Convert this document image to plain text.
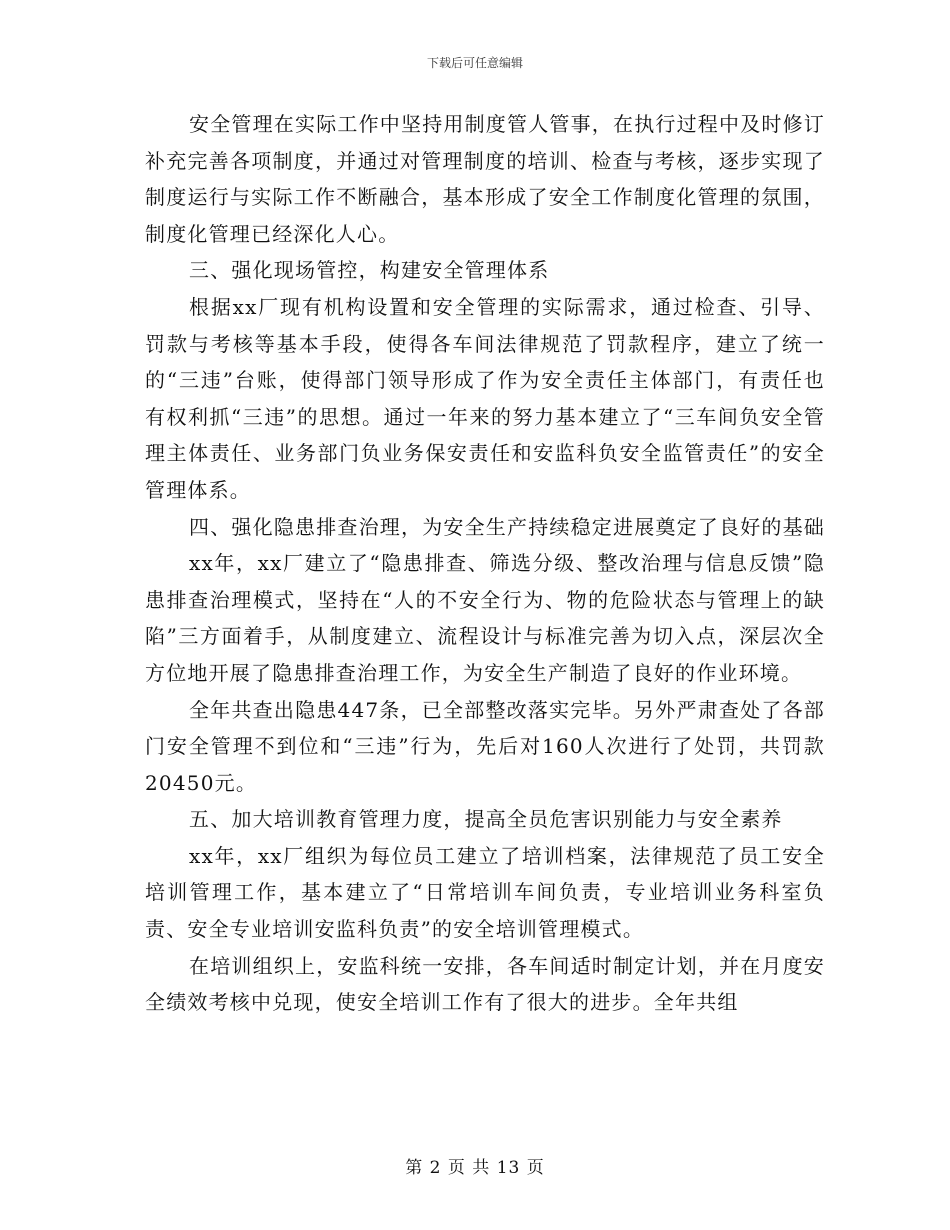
下载后可任意编辑

安全管理在实际工作中坚持用制度管人管事，在执行过程中及时修订补充完善各项制度，并通过对管理制度的培训、检查与考核，逐步实现了制度运行与实际工作不断融合，基本形成了安全工作制度化管理的氛围，制度化管理已经深化人心。

三、强化现场管控，构建安全管理体系

根据xx厂现有机构设置和安全管理的实际需求，通过检查、引导、罚款与考核等基本手段，使得各车间法律规范了罚款程序，建立了统一的“三违”台账，使得部门领导形成了作为安全责任主体部门，有责任也有权利抓“三违”的思想。通过一年来的努力基本建立了“三车间负安全管理主体责任、业务部门负业务保安责任和安监科负安全监管责任”的安全管理体系。

四、强化隐患排查治理，为安全生产持续稳定进展奠定了良好的基础

xx年，xx厂建立了“隐患排查、筛选分级、整改治理与信息反馈”隐患排查治理模式，坚持在“人的不安全行为、物的危险状态与管理上的缺陷”三方面着手，从制度建立、流程设计与标准完善为切入点，深层次全方位地开展了隐患排查治理工作，为安全生产制造了良好的作业环境。

全年共查出隐患447条，已全部整改落实完毕。另外严肃查处了各部门安全管理不到位和“三违”行为，先后对160人次进行了处罚，共罚款20450元。

五、加大培训教育管理力度，提高全员危害识别能力与安全素养

xx年，xx厂组织为每位员工建立了培训档案，法律规范了员工安全培训管理工作，基本建立了“日常培训车间负责，专业培训业务科室负责、安全专业培训安监科负责”的安全培训管理模式。

在培训组织上，安监科统一安排，各车间适时制定计划，并在月度安全绩效考核中兑现，使安全培训工作有了很大的进步。全年共组

第 2 页 共 13 页
